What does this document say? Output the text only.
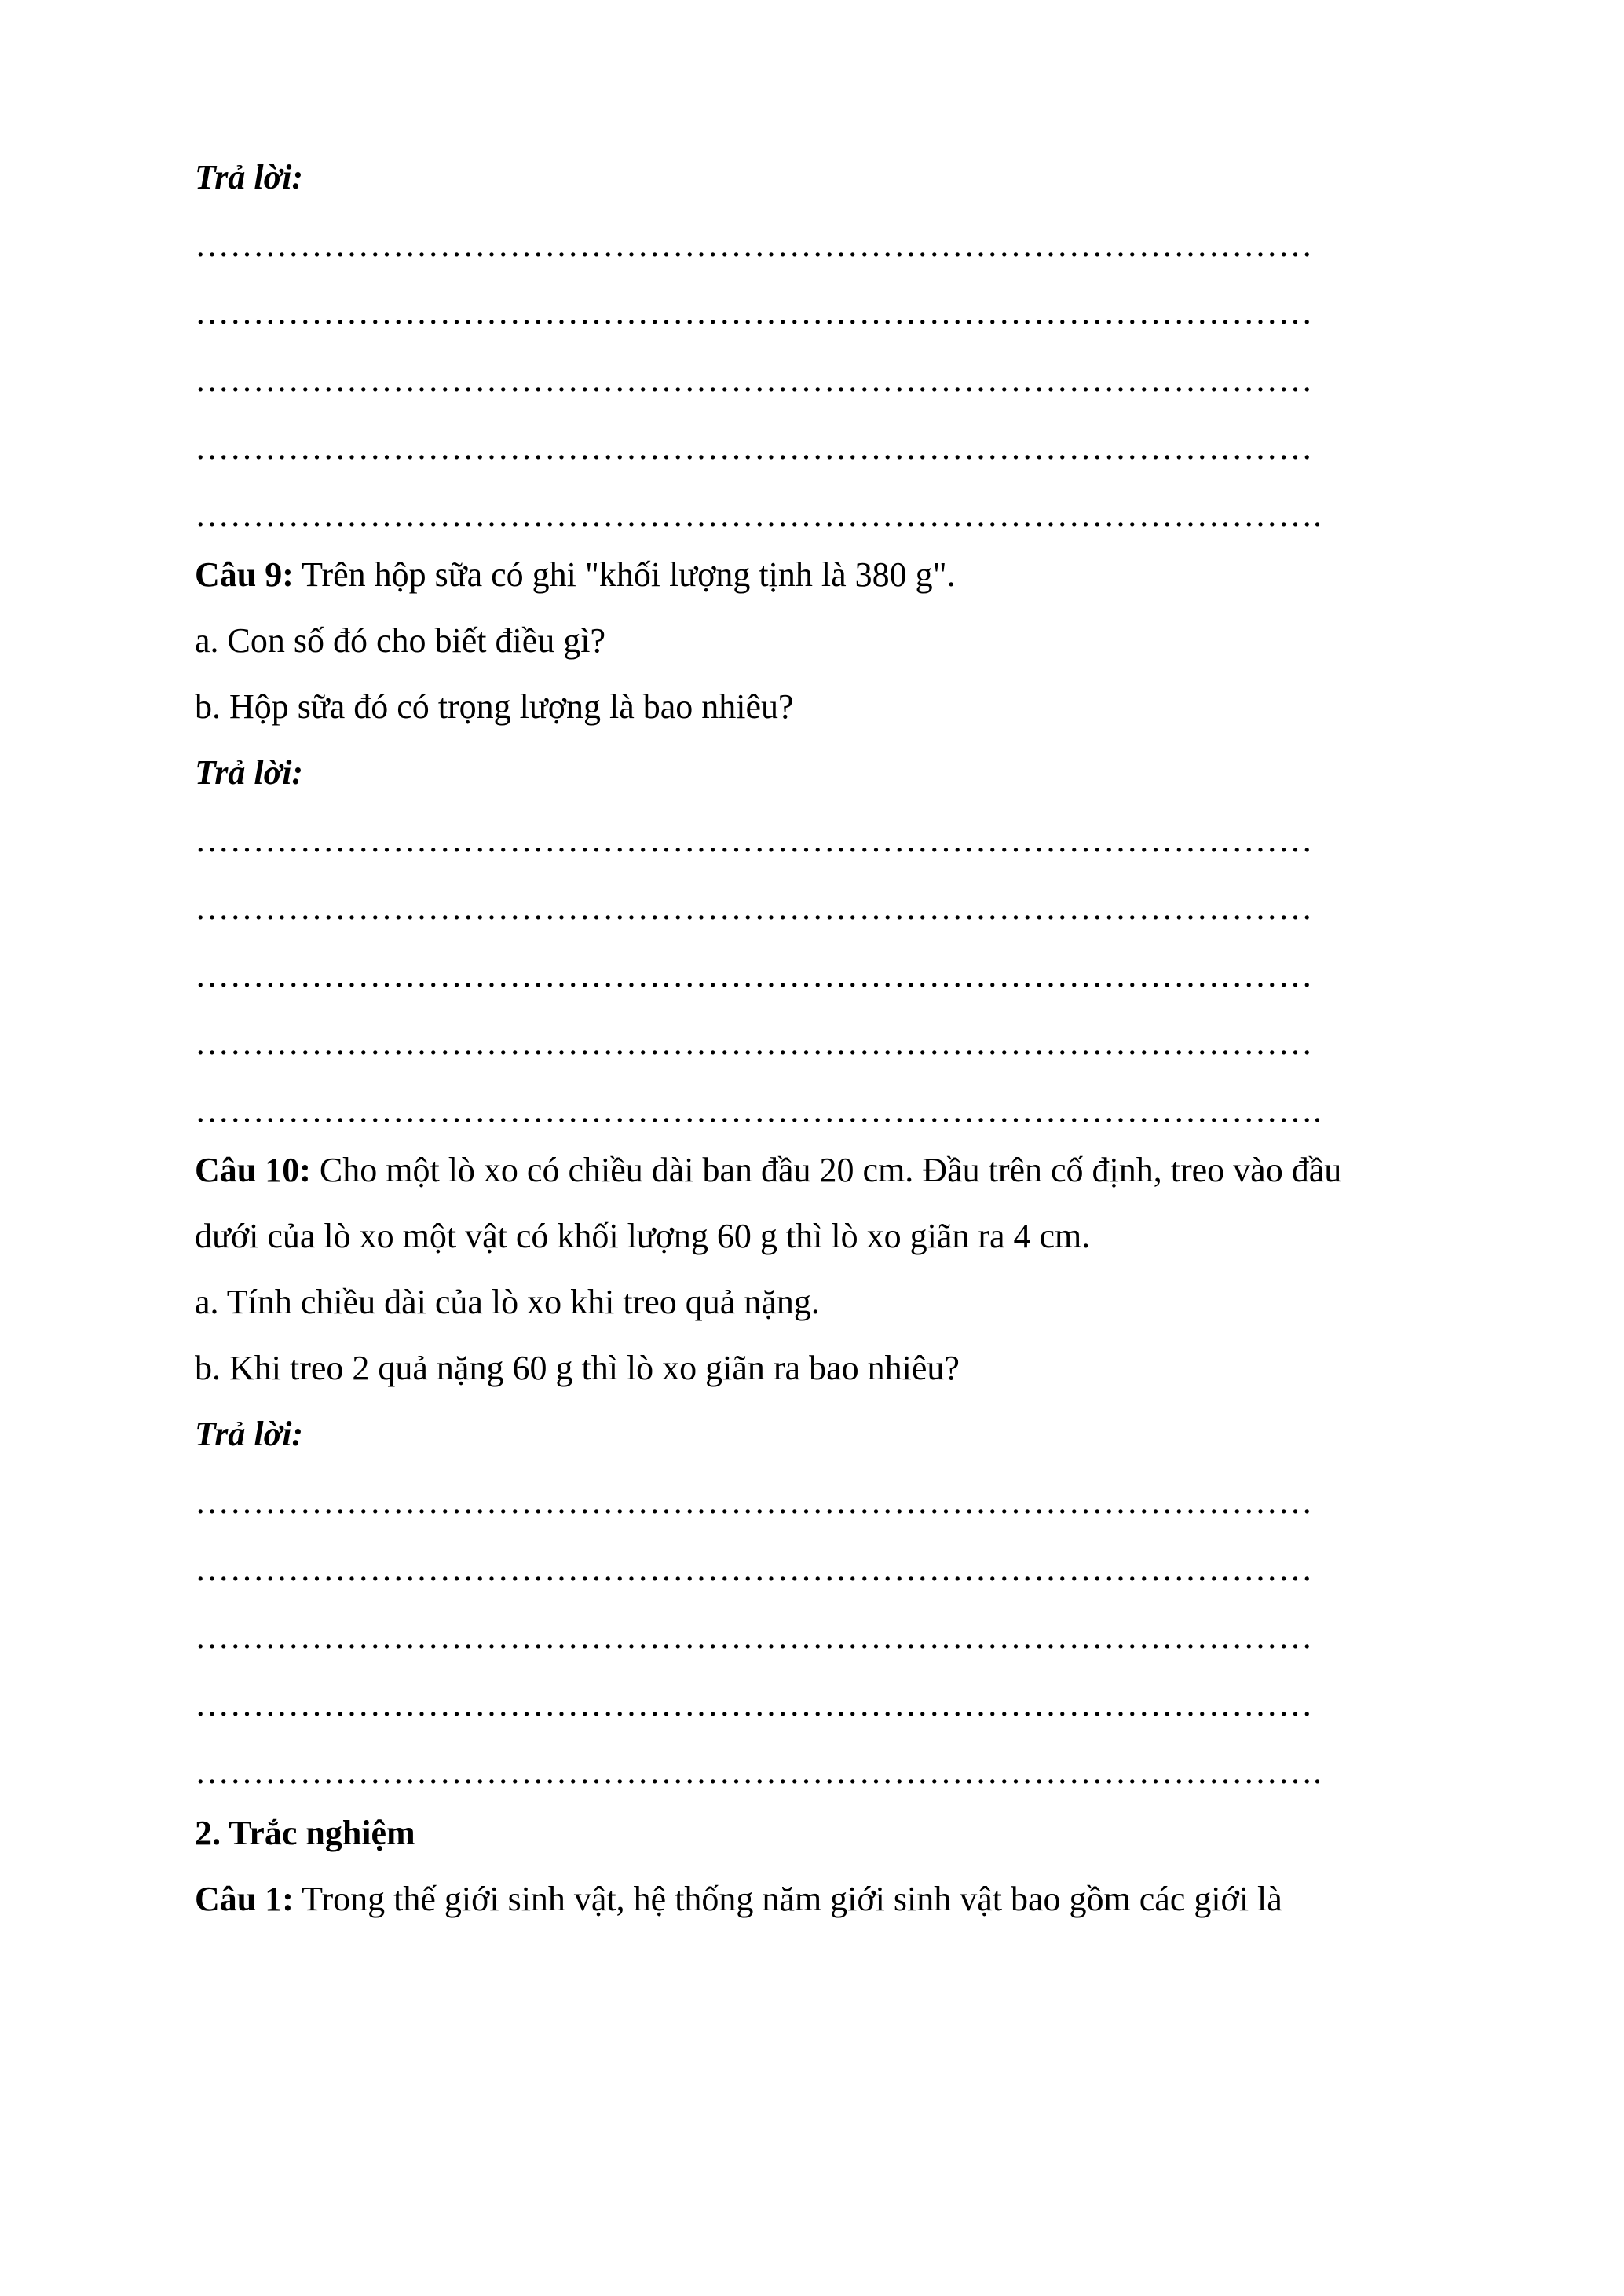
Trả lời:
……………………………………………………………………………………
……………………………………………………………………………………
……………………………………………………………………………………
……………………………………………………………………………………
…………………………………………………………………………………….
Câu 9: Trên hộp sữa có ghi "khối lượng tịnh là 380 g".
a. Con số đó cho biết điều gì?
b. Hộp sữa đó có trọng lượng là bao nhiêu?
Trả lời:
……………………………………………………………………………………
……………………………………………………………………………………
……………………………………………………………………………………
……………………………………………………………………………………
…………………………………………………………………………………….
Câu 10: Cho một lò xo có chiều dài ban đầu 20 cm. Đầu trên cố định, treo vào đầu
dưới của lò xo một vật có khối lượng 60 g thì lò xo giãn ra 4 cm.
a. Tính chiều dài của lò xo khi treo quả nặng.
b. Khi treo 2 quả nặng 60 g thì lò xo giãn ra bao nhiêu?
Trả lời:
……………………………………………………………………………………
……………………………………………………………………………………
……………………………………………………………………………………
……………………………………………………………………………………
…………………………………………………………………………………….
2. Trắc nghiệm
Câu 1: Trong thế giới sinh vật, hệ thống năm giới sinh vật bao gồm các giới là
